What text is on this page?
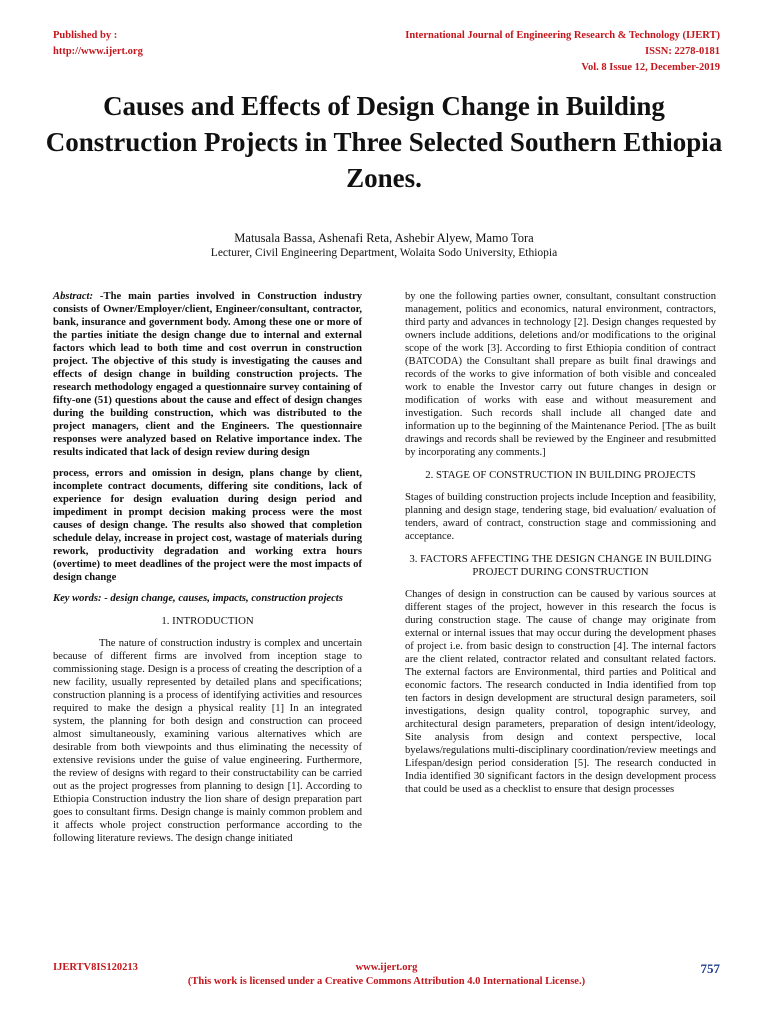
Published by :
http://www.ijert.org
International Journal of Engineering Research & Technology (IJERT)
ISSN: 2278-0181
Vol. 8 Issue 12, December-2019
Causes and Effects of Design Change in Building Construction Projects in Three Selected Southern Ethiopia Zones.
Matusala Bassa, Ashenafi Reta, Ashebir Alyew, Mamo Tora
Lecturer, Civil Engineering Department, Wolaita Sodo University, Ethiopia

Abstract: -The main parties involved in Construction industry consists of Owner/Employer/client, Engineer/consultant, contractor, bank, insurance and government body. Among these one or more of the parties initiate the design change due to internal and external factors which lead to both time and cost overrun in construction project. The objective of this study is investigating the causes and effects of design change in building construction projects. The research methodology engaged a questionnaire survey containing of fifty-one (51) questions about the cause and effect of design changes during the building construction, which was distributed to the project managers, client and the Engineers. The questionnaire responses were analyzed based on Relative importance index. The results indicated that lack of design review during design

process, errors and omission in design, plans change by client, incomplete contract documents, differing site conditions, lack of experience for design evaluation during design period and impediment in prompt decision making process were the most causes of design change. The results also showed that completion schedule delay, increase in project cost, wastage of materials during rework, productivity degradation and working extra hours (overtime) to meet deadlines of the project were the most impacts of design change

Key words: - design change, causes, impacts, construction projects

1. INTRODUCTION

The nature of construction industry is complex and uncertain because of different firms are involved from inception stage to commissioning stage. Design is a process of creating the description of a new facility, usually represented by detailed plans and specifications; construction planning is a process of identifying activities and resources required to make the design a physical reality [1] In an integrated system, the planning for both design and construction can proceed almost simultaneously, examining various alternatives which are desirable from both viewpoints and thus eliminating the necessity of extensive revisions under the guise of value engineering. Furthermore, the review of designs with regard to their constructability can be carried out as the project progresses from planning to design [1]. According to Ethiopia Construction industry the lion share of design preparation part goes to consultant firms. Design change is mainly common problem and it affects whole project construction performance according to the following literature reviews. The design change initiated

by one the following parties owner, consultant, consultant construction management, politics and economics, natural environment, contractors, third party and advances in technology [2]. Design changes requested by owners include additions, deletions and/or modifications to the original scope of the work [3]. According to first Ethiopia condition of contract (BATCODA) the Consultant shall prepare as built final drawings and records of the works to give information of both visible and concealed work to enable the Investor carry out future changes in design or modification of works with ease and without measurement and investigation. Such records shall include all changed date and information up to the beginning of the Maintenance Period. [The as built drawings and records shall be reviewed by the Engineer and resubmitted by incorporating any comments.]

2. STAGE OF CONSTRUCTION IN BUILDING PROJECTS

Stages of building construction projects include Inception and feasibility, planning and design stage, tendering stage, bid evaluation/ evaluation of tenders, award of contract, construction stage and commissioning and acceptance.

3. FACTORS AFFECTING THE DESIGN CHANGE IN BUILDING PROJECT DURING CONSTRUCTION

Changes of design in construction can be caused by various sources at different stages of the project, however in this research the focus is during construction stage. The cause of change may originate from external or internal issues that may occur during the development phases of project i.e. from basic design to construction [4]. The internal factors are the client related, contractor related and consultant related factors. The external factors are Environmental, third parties and Political and economic factors. The research conducted in India identified from top ten factors in design development are structural design parameters, soil investigations, design quality control, topographic survey, and architectural design parameters, preparation of design intent/ideology, Site analysis from design and context perspective, local byelaws/regulations multi-disciplinary coordination/review meetings and Lifespan/design period consideration [5]. The research conducted in India identified 30 significant factors in the design development process that could be used as a checklist to ensure that design processes

IJERTV8IS120213	www.ijert.org	757
(This work is licensed under a Creative Commons Attribution 4.0 International License.)
